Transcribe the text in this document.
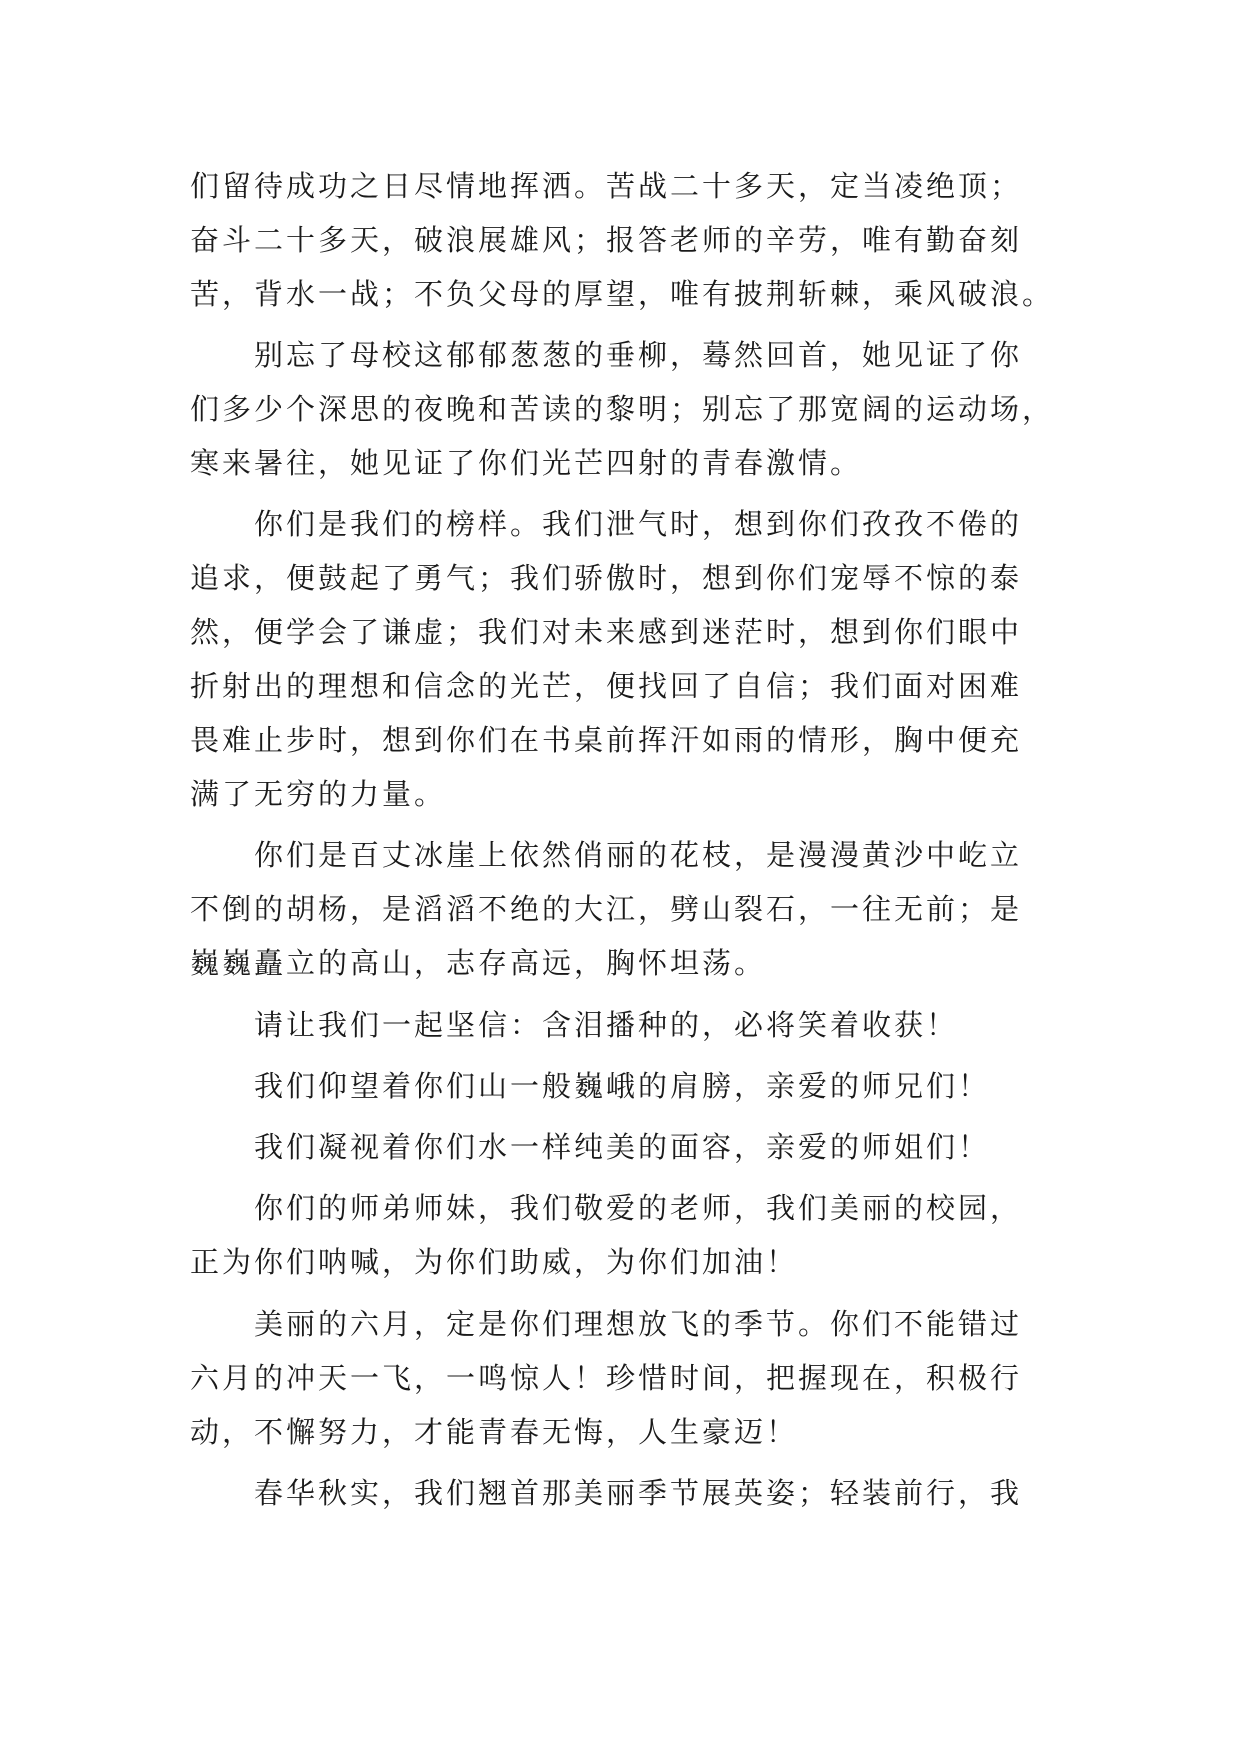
们留待成功之日尽情地挥洒。苦战二十多天，定当凌绝顶；

奋斗二十多天，破浪展雄风；报答老师的辛劳，唯有勤奋刻

苦，背水一战；不负父母的厚望，唯有披荆斩棘，乘风破浪。

别忘了母校这郁郁葱葱的垂柳，蓦然回首，她见证了你

们多少个深思的夜晚和苦读的黎明；别忘了那宽阔的运动场，

寒来暑往，她见证了你们光芒四射的青春激情。

你们是我们的榜样。我们泄气时，想到你们孜孜不倦的

追求，便鼓起了勇气；我们骄傲时，想到你们宠辱不惊的泰

然，便学会了谦虚；我们对未来感到迷茫时，想到你们眼中

折射出的理想和信念的光芒，便找回了自信；我们面对困难

畏难止步时，想到你们在书桌前挥汗如雨的情形，胸中便充

满了无穷的力量。

你们是百丈冰崖上依然俏丽的花枝，是漫漫黄沙中屹立

不倒的胡杨，是滔滔不绝的大江，劈山裂石，一往无前；是

巍巍矗立的高山，志存高远，胸怀坦荡。

请让我们一起坚信：含泪播种的，必将笑着收获！

我们仰望着你们山一般巍峨的肩膀，亲爱的师兄们！

我们凝视着你们水一样纯美的面容，亲爱的师姐们！

你们的师弟师妹，我们敬爱的老师，我们美丽的校园，

正为你们呐喊，为你们助威，为你们加油！

美丽的六月，定是你们理想放飞的季节。你们不能错过

六月的冲天一飞，一鸣惊人！珍惜时间，把握现在，积极行

动，不懈努力，才能青春无悔，人生豪迈！

春华秋实，我们翘首那美丽季节展英姿；轻装前行，我
